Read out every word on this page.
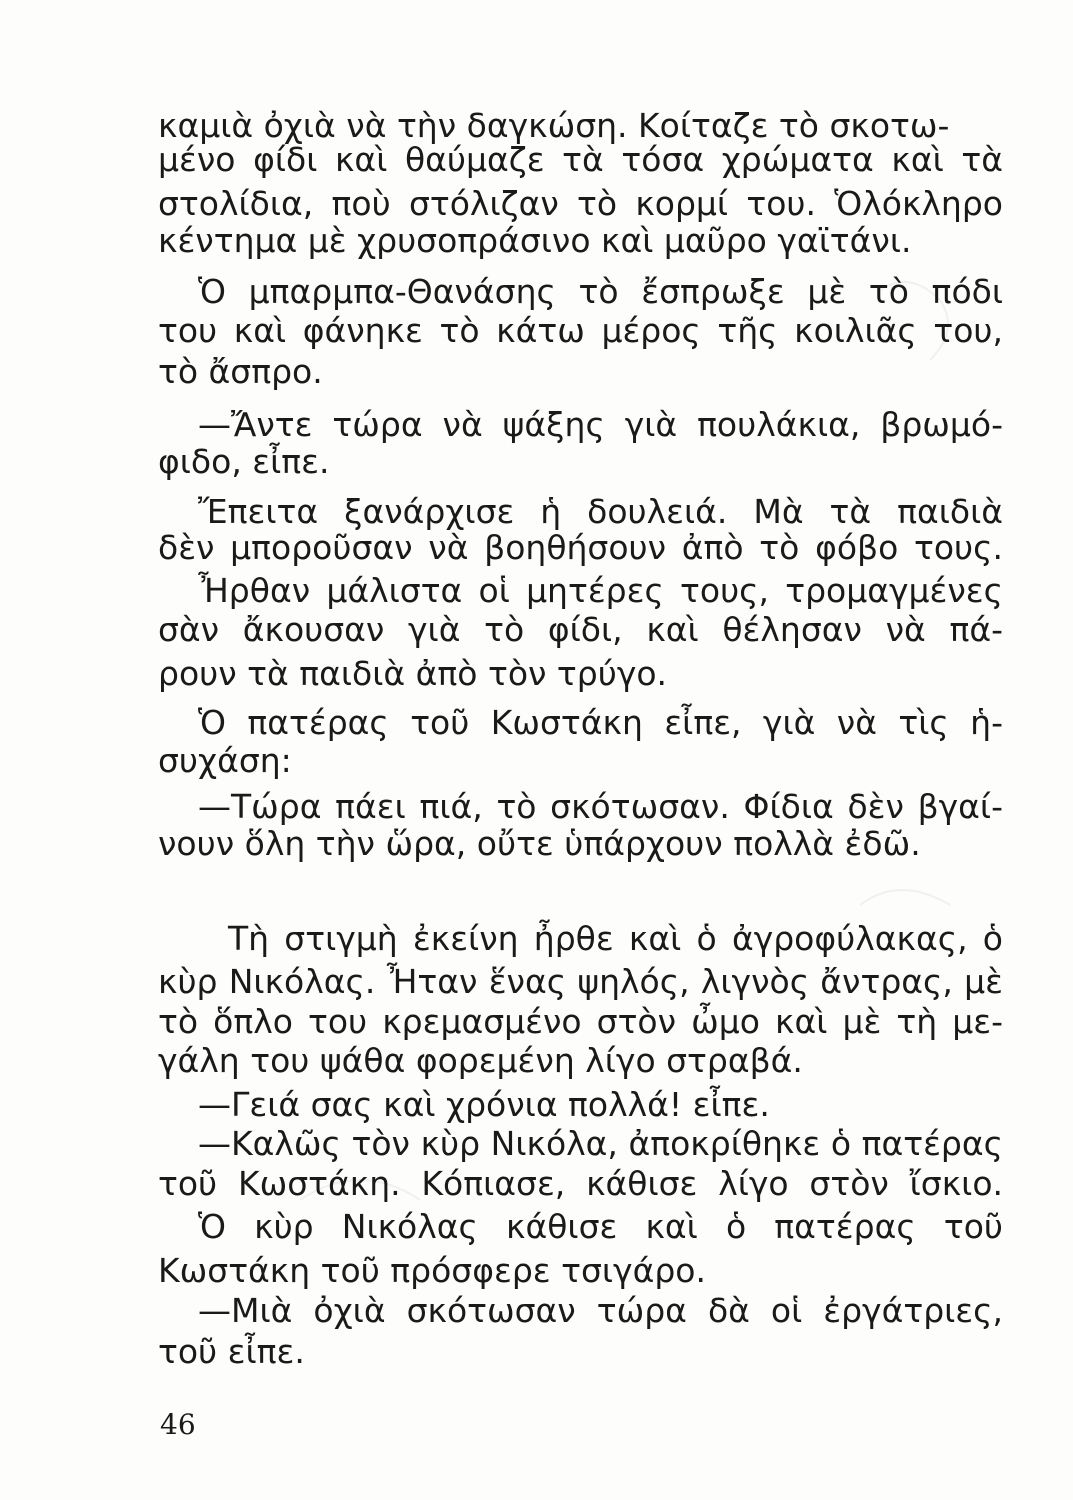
καμιὰ ὀχιὰ νὰ τὴν δαγκώση. Κοίταζε τὸ σκοτω-
μένο φίδι καὶ θαύμαζε τὰ τόσα χρώματα καὶ τὰ
στολίδια, ποὺ στόλιζαν τὸ κορμί του. Ὁλόκληρο
κέντημα μὲ χρυσοπράσινο καὶ μαῦρο γαϊτάνι.
Ὁ μπαρμπα-Θανάσης τὸ ἔσπρωξε μὲ τὸ πόδι
του καὶ φάνηκε τὸ κάτω μέρος τῆς κοιλιᾶς του,
τὸ ἄσπρο.
—Ἄντε τώρα νὰ ψάξης γιὰ πουλάκια, βρωμό-
φιδο, εἶπε.
Ἔπειτα ξανάρχισε ἡ δουλειά. Μὰ τὰ παιδιὰ
δὲν μποροῦσαν νὰ βοηθήσουν ἀπὸ τὸ φόβο τους.
Ἦρθαν μάλιστα οἱ μητέρες τους, τρομαγμένες
σὰν ἄκουσαν γιὰ τὸ φίδι, καὶ θέλησαν νὰ πά-
ρουν τὰ παιδιὰ ἀπὸ τὸν τρύγο.
Ὁ πατέρας τοῦ Κωστάκη εἶπε, γιὰ νὰ τὶς ἡ-
συχάση:
—Τώρα πάει πιά, τὸ σκότωσαν. Φίδια δὲν βγαί-
νουν ὅλη τὴν ὥρα, οὔτε ὑπάρχουν πολλὰ ἐδῶ.
Τὴ στιγμὴ ἐκείνη ἦρθε καὶ ὁ ἀγροφύλακας, ὁ
κὺρ Νικόλας. Ἦταν ἕνας ψηλός, λιγνὸς ἄντρας, μὲ
τὸ ὅπλο του κρεμασμένο στὸν ὦμο καὶ μὲ τὴ με-
γάλη του ψάθα φορεμένη λίγο στραβά.
—Γειά σας καὶ χρόνια πολλά! εἶπε.
—Καλῶς τὸν κὺρ Νικόλα, ἀποκρίθηκε ὁ πατέρας
τοῦ Κωστάκη. Κόπιασε, κάθισε λίγο στὸν ἴσκιο.
Ὁ κὺρ Νικόλας κάθισε καὶ ὁ πατέρας τοῦ
Κωστάκη τοῦ πρόσφερε τσιγάρο.
—Μιὰ ὀχιὰ σκότωσαν τώρα δὰ οἱ ἐργάτριες,
τοῦ εἶπε.
46
